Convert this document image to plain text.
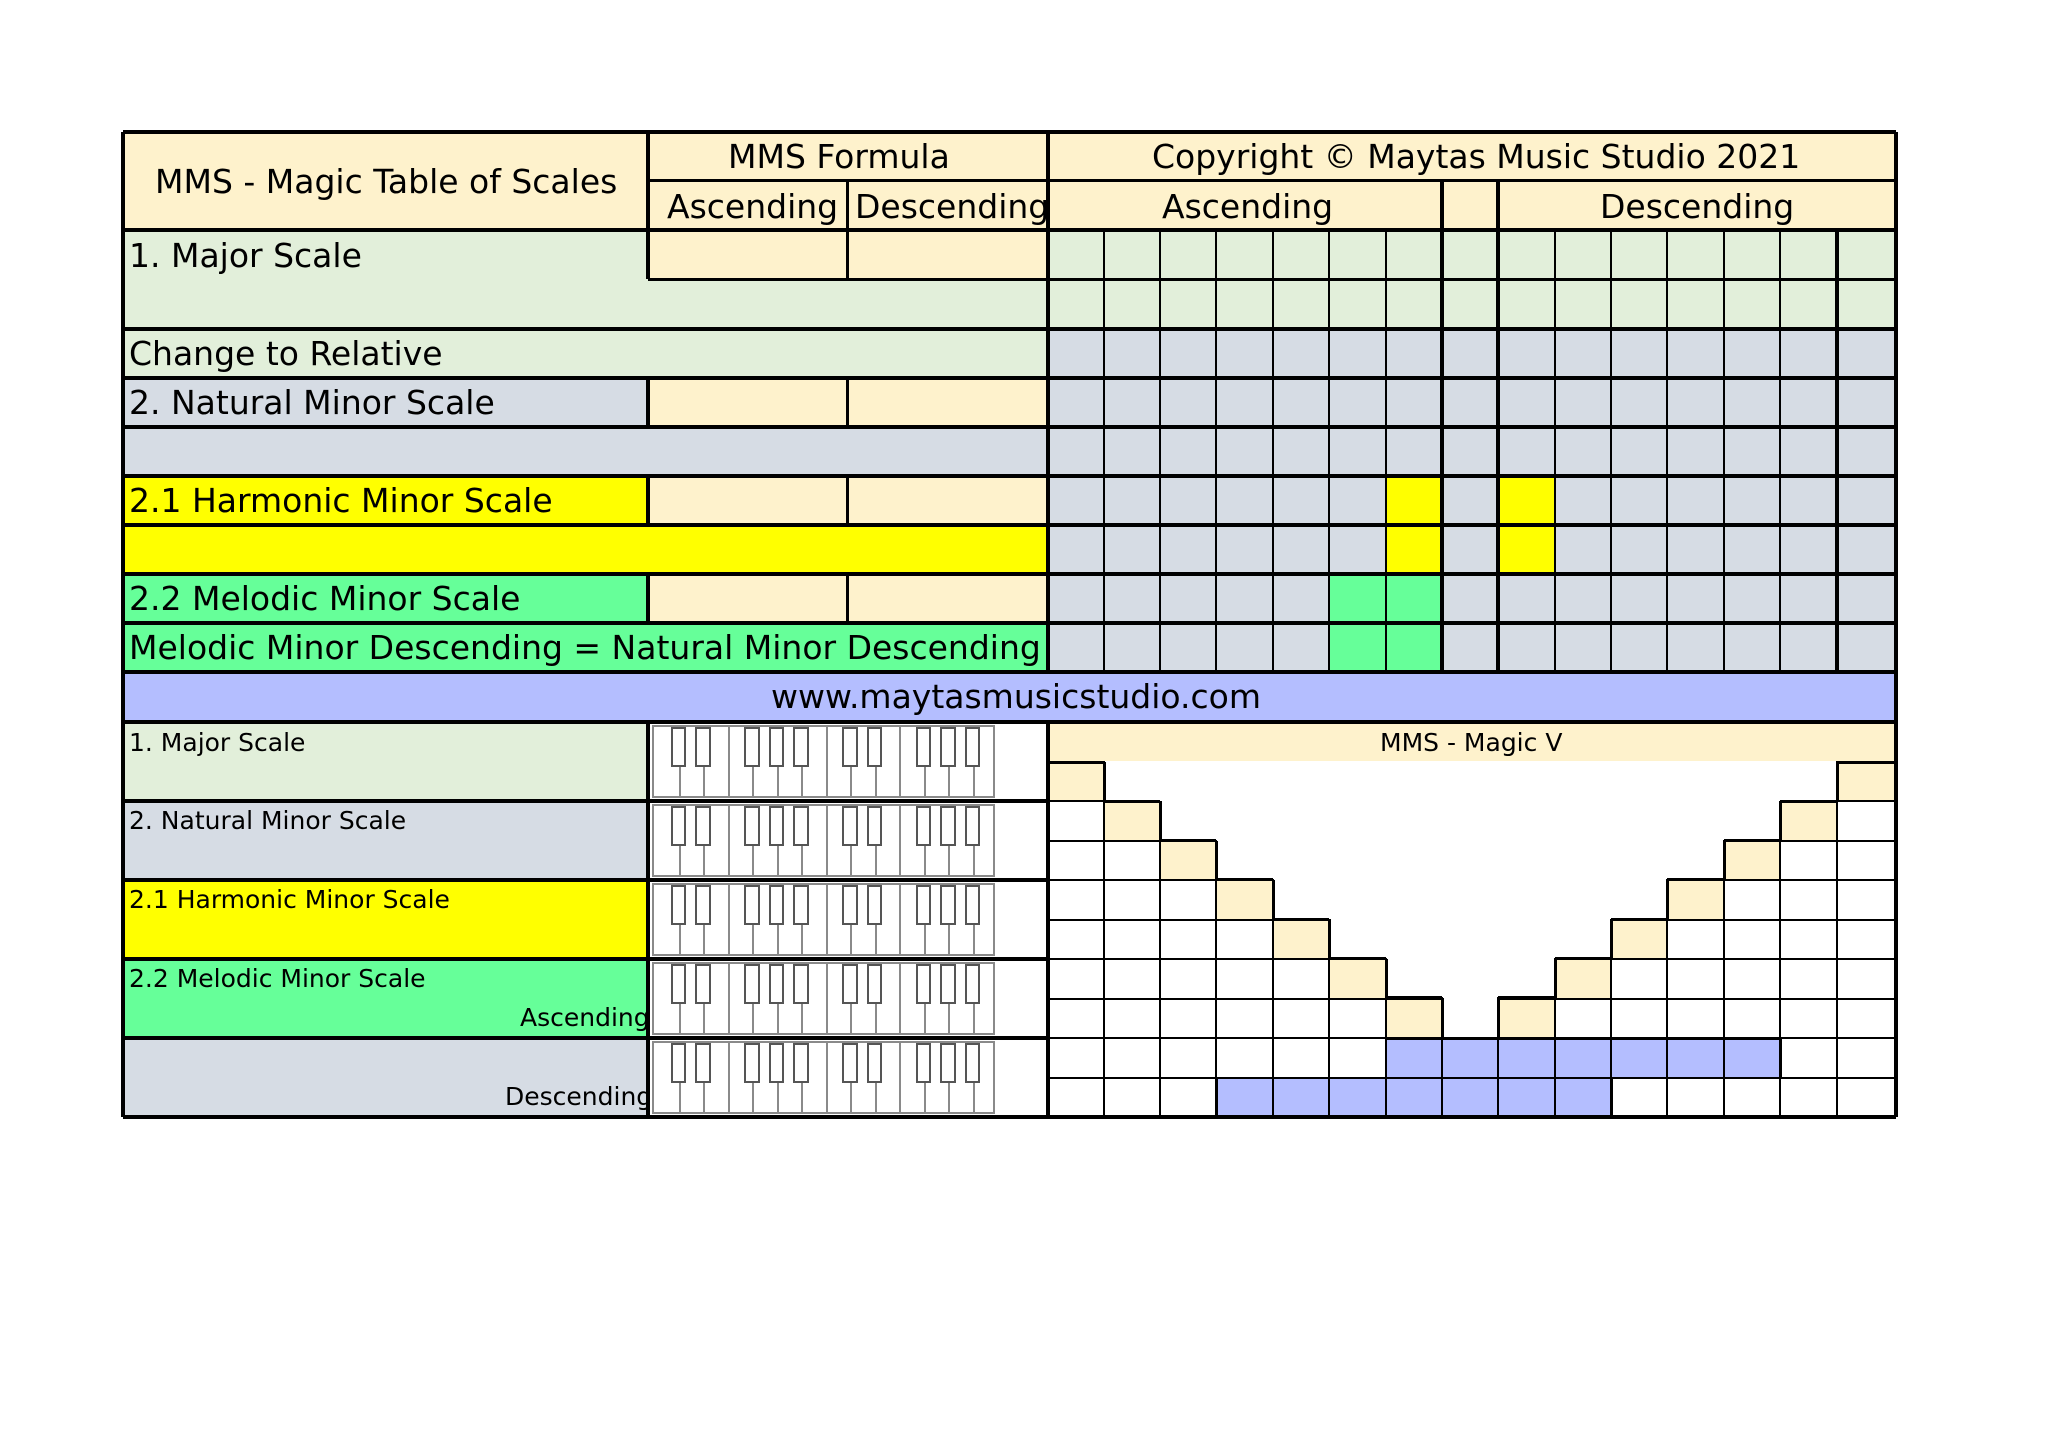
MMS - Magic Table of Scales
MMS Formula
Ascending Descending
Copyright © Maytas Music Studio 2021
Ascending	Descending
1. Major Scale
Change to Relative
2. Natural Minor Scale
2.1 Harmonic Minor Scale
2.2 Melodic Minor Scale
Melodic Minor Descending = Natural Minor Descending
www.maytasmusicstudio.com
1. Major Scale
2. Natural Minor Scale
2.1 Harmonic Minor Scale
2.2 Melodic Minor Scale
Ascending
Descending
MMS - Magic V
